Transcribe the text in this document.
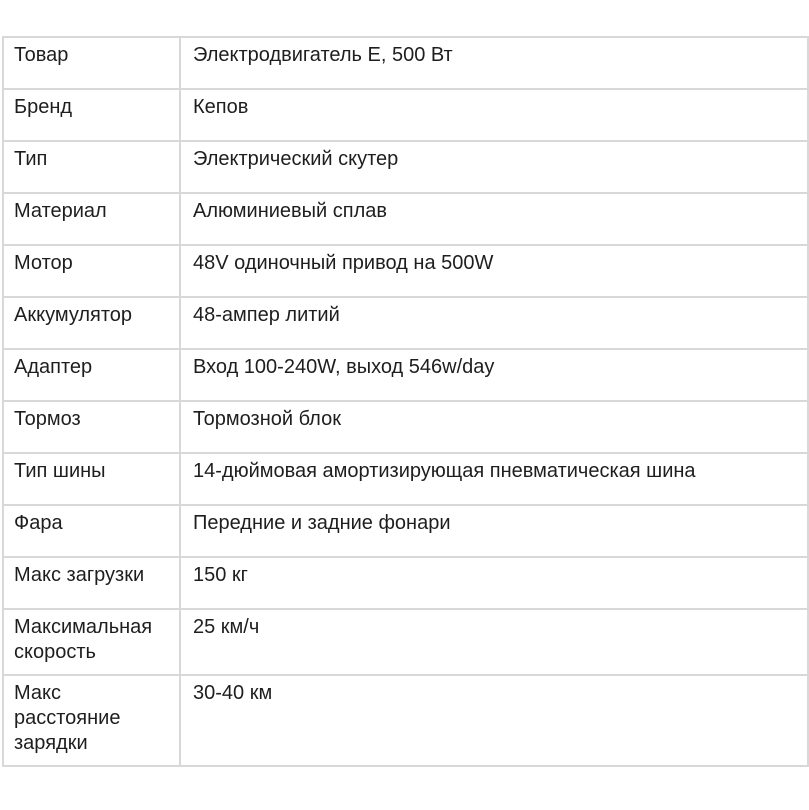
Товар	Электродвигатель E, 500 Вт
Бренд	Кепов
Тип	Электрический скутер
Материал	Алюминиевый сплав
Мотор	48V одиночный привод на 500W
Аккумулятор	48-ампер литий
Адаптер	Вход 100-240W, выход 546w/day
Тормоз	Тормозной блок
Тип шины	14-дюймовая амортизирующая пневматическая шина
Фара	Передние и задние фонари
Макс загрузки	150 кг
Максимальная скорость	25 км/ч
Макс расстояние зарядки	30-40 км
